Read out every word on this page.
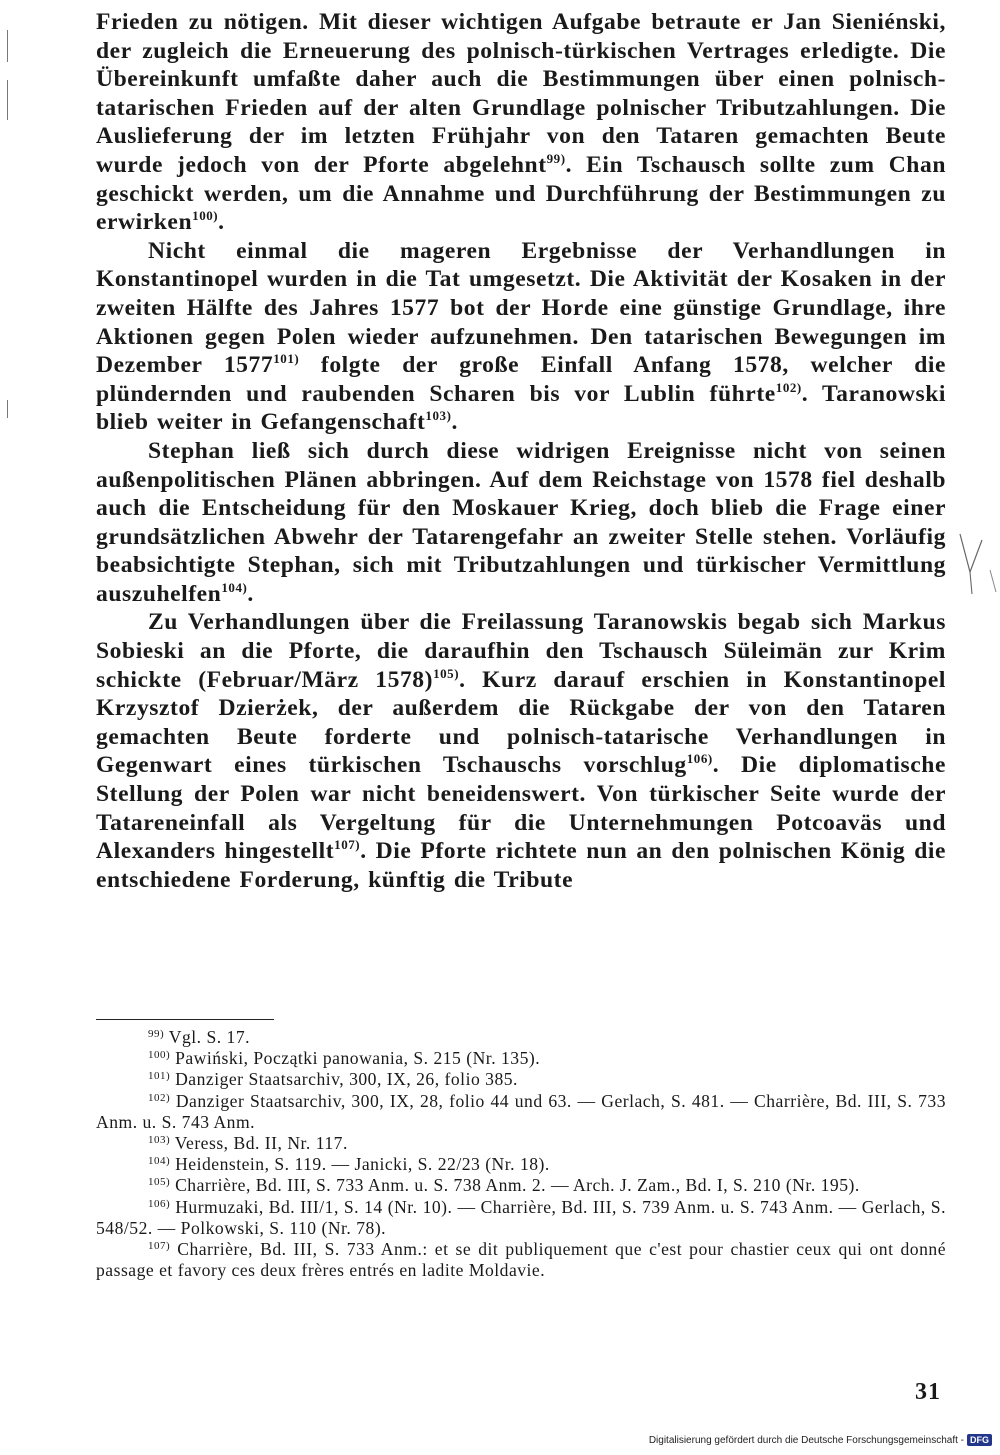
Frieden zu nötigen. Mit dieser wichtigen Aufgabe betraute er Jan Sieniénski, der zugleich die Erneuerung des polnisch-türkischen Vertrages erledigte. Die Übereinkunft umfaßte daher auch die Bestimmungen über einen polnisch-tatarischen Frieden auf der alten Grundlage polnischer Tributzahlungen. Die Auslieferung der im letzten Frühjahr von den Tataren gemachten Beute wurde jedoch von der Pforte abgelehnt$^{99)}$. Ein Tschausch sollte zum Chan geschickt werden, um die Annahme und Durchführung der Bestimmungen zu erwirken$^{100)}$.

Nicht einmal die mageren Ergebnisse der Verhandlungen in Konstantinopel wurden in die Tat umgesetzt. Die Aktivität der Kosaken in der zweiten Hälfte des Jahres 1577 bot der Horde eine günstige Grundlage, ihre Aktionen gegen Polen wieder aufzunehmen. Den tatarischen Bewegungen im Dezember 1577$^{101)}$ folgte der große Einfall Anfang 1578, welcher die plündernden und raubenden Scharen bis vor Lublin führte$^{102)}$. Taranowski blieb weiter in Gefangenschaft$^{103)}$.

Stephan ließ sich durch diese widrigen Ereignisse nicht von seinen außenpolitischen Plänen abbringen. Auf dem Reichstage von 1578 fiel deshalb auch die Entscheidung für den Moskauer Krieg, doch blieb die Frage einer grundsätzlichen Abwehr der Tatarengefahr an zweiter Stelle stehen. Vorläufig beabsichtigte Stephan, sich mit Tributzahlungen und türkischer Vermittlung auszuhelfen$^{104)}$.

Zu Verhandlungen über die Freilassung Taranowskis begab sich Markus Sobieski an die Pforte, die daraufhin den Tschausch Süleimän zur Krim schickte (Februar/März 1578)$^{105)}$. Kurz darauf erschien in Konstantinopel Krzysztof Dzierżek, der außerdem die Rückgabe der von den Tataren gemachten Beute forderte und polnisch-tatarische Verhandlungen in Gegenwart eines türkischen Tschauschs vorschlug$^{106)}$. Die diplomatische Stellung der Polen war nicht beneidenswert. Von türkischer Seite wurde der Tatareneinfall als Vergeltung für die Unternehmungen Potcoaväs und Alexanders hingestellt$^{107)}$. Die Pforte richtete nun an den polnischen König die entschiedene Forderung, künftig die Tribute

$^{99)}$ Vgl. S. 17.

$^{100)}$ Pawiński, Początki panowania, S. 215 (Nr. 135).

$^{101)}$ Danziger Staatsarchiv, 300, IX, 26, folio 385.

$^{102)}$ Danziger Staatsarchiv, 300, IX, 28, folio 44 und 63. — Gerlach, S. 481. — Charrière, Bd. III, S. 733 Anm. u. S. 743 Anm.

$^{103)}$ Veress, Bd. II, Nr. 117.

$^{104)}$ Heidenstein, S. 119. — Janicki, S. 22/23 (Nr. 18).

$^{105)}$ Charrière, Bd. III, S. 733 Anm. u. S. 738 Anm. 2. — Arch. J. Zam., Bd. I, S. 210 (Nr. 195).

$^{106)}$ Hurmuzaki, Bd. III/1, S. 14 (Nr. 10). — Charrière, Bd. III, S. 739 Anm. u. S. 743 Anm. — Gerlach, S. 548/52. — Polkowski, S. 110 (Nr. 78).

$^{107)}$ Charrière, Bd. III, S. 733 Anm.: et se dit publiquement que c'est pour chastier ceux qui ont donné passage et favory ces deux frères entrés en ladite Moldavie.

31
Digitalisierung gefördert durch die Deutsche Forschungsgemeinschaft - DFG
